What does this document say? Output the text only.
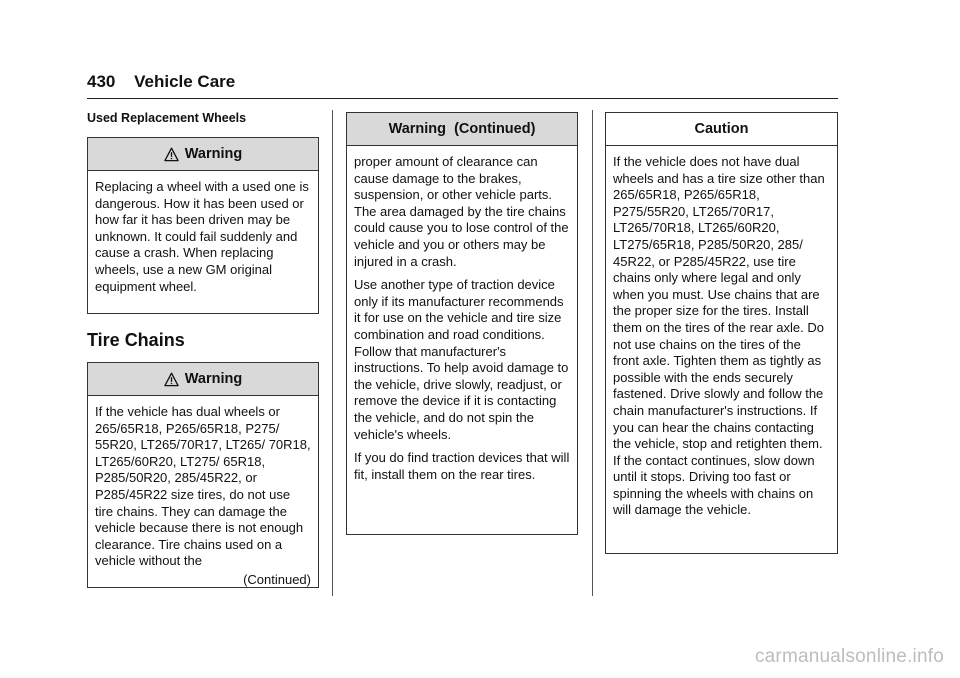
430 Vehicle Care
Used Replacement Wheels
Warning

Replacing a wheel with a used one is dangerous. How it has been used or how far it has been driven may be unknown. It could fail suddenly and cause a crash. When replacing wheels, use a new GM original equipment wheel.

Tire Chains
Warning

If the vehicle has dual wheels or 265/65R18, P265/65R18, P275/ 55R20, LT265/70R17, LT265/ 70R18, LT265/60R20, LT275/ 65R18, P285/50R20, 285/45R22, or P285/45R22 size tires, do not use tire chains. They can damage the vehicle because there is not enough clearance. Tire chains used on a vehicle without the

(Continued)
Warning  (Continued)

proper amount of clearance can cause damage to the brakes, suspension, or other vehicle parts. The area damaged by the tire chains could cause you to lose control of the vehicle and you or others may be injured in a crash.

Use another type of traction device only if its manufacturer recommends it for use on the vehicle and tire size combination and road conditions. Follow that manufacturer's instructions. To help avoid damage to the vehicle, drive slowly, readjust, or remove the device if it is contacting the vehicle, and do not spin the vehicle's wheels.

If you do find traction devices that will fit, install them on the rear tires.

Caution

If the vehicle does not have dual wheels and has a tire size other than 265/65R18, P265/65R18, P275/55R20, LT265/70R17, LT265/70R18, LT265/60R20, LT275/65R18, P285/50R20, 285/ 45R22, or P285/45R22, use tire chains only where legal and only when you must. Use chains that are the proper size for the tires. Install them on the tires of the rear axle. Do not use chains on the tires of the front axle. Tighten them as tightly as possible with the ends securely fastened. Drive slowly and follow the chain manufacturer's instructions. If you can hear the chains contacting the vehicle, stop and retighten them. If the contact continues, slow down until it stops. Driving too fast or spinning the wheels with chains on will damage the vehicle.

carmanualsonline.info
